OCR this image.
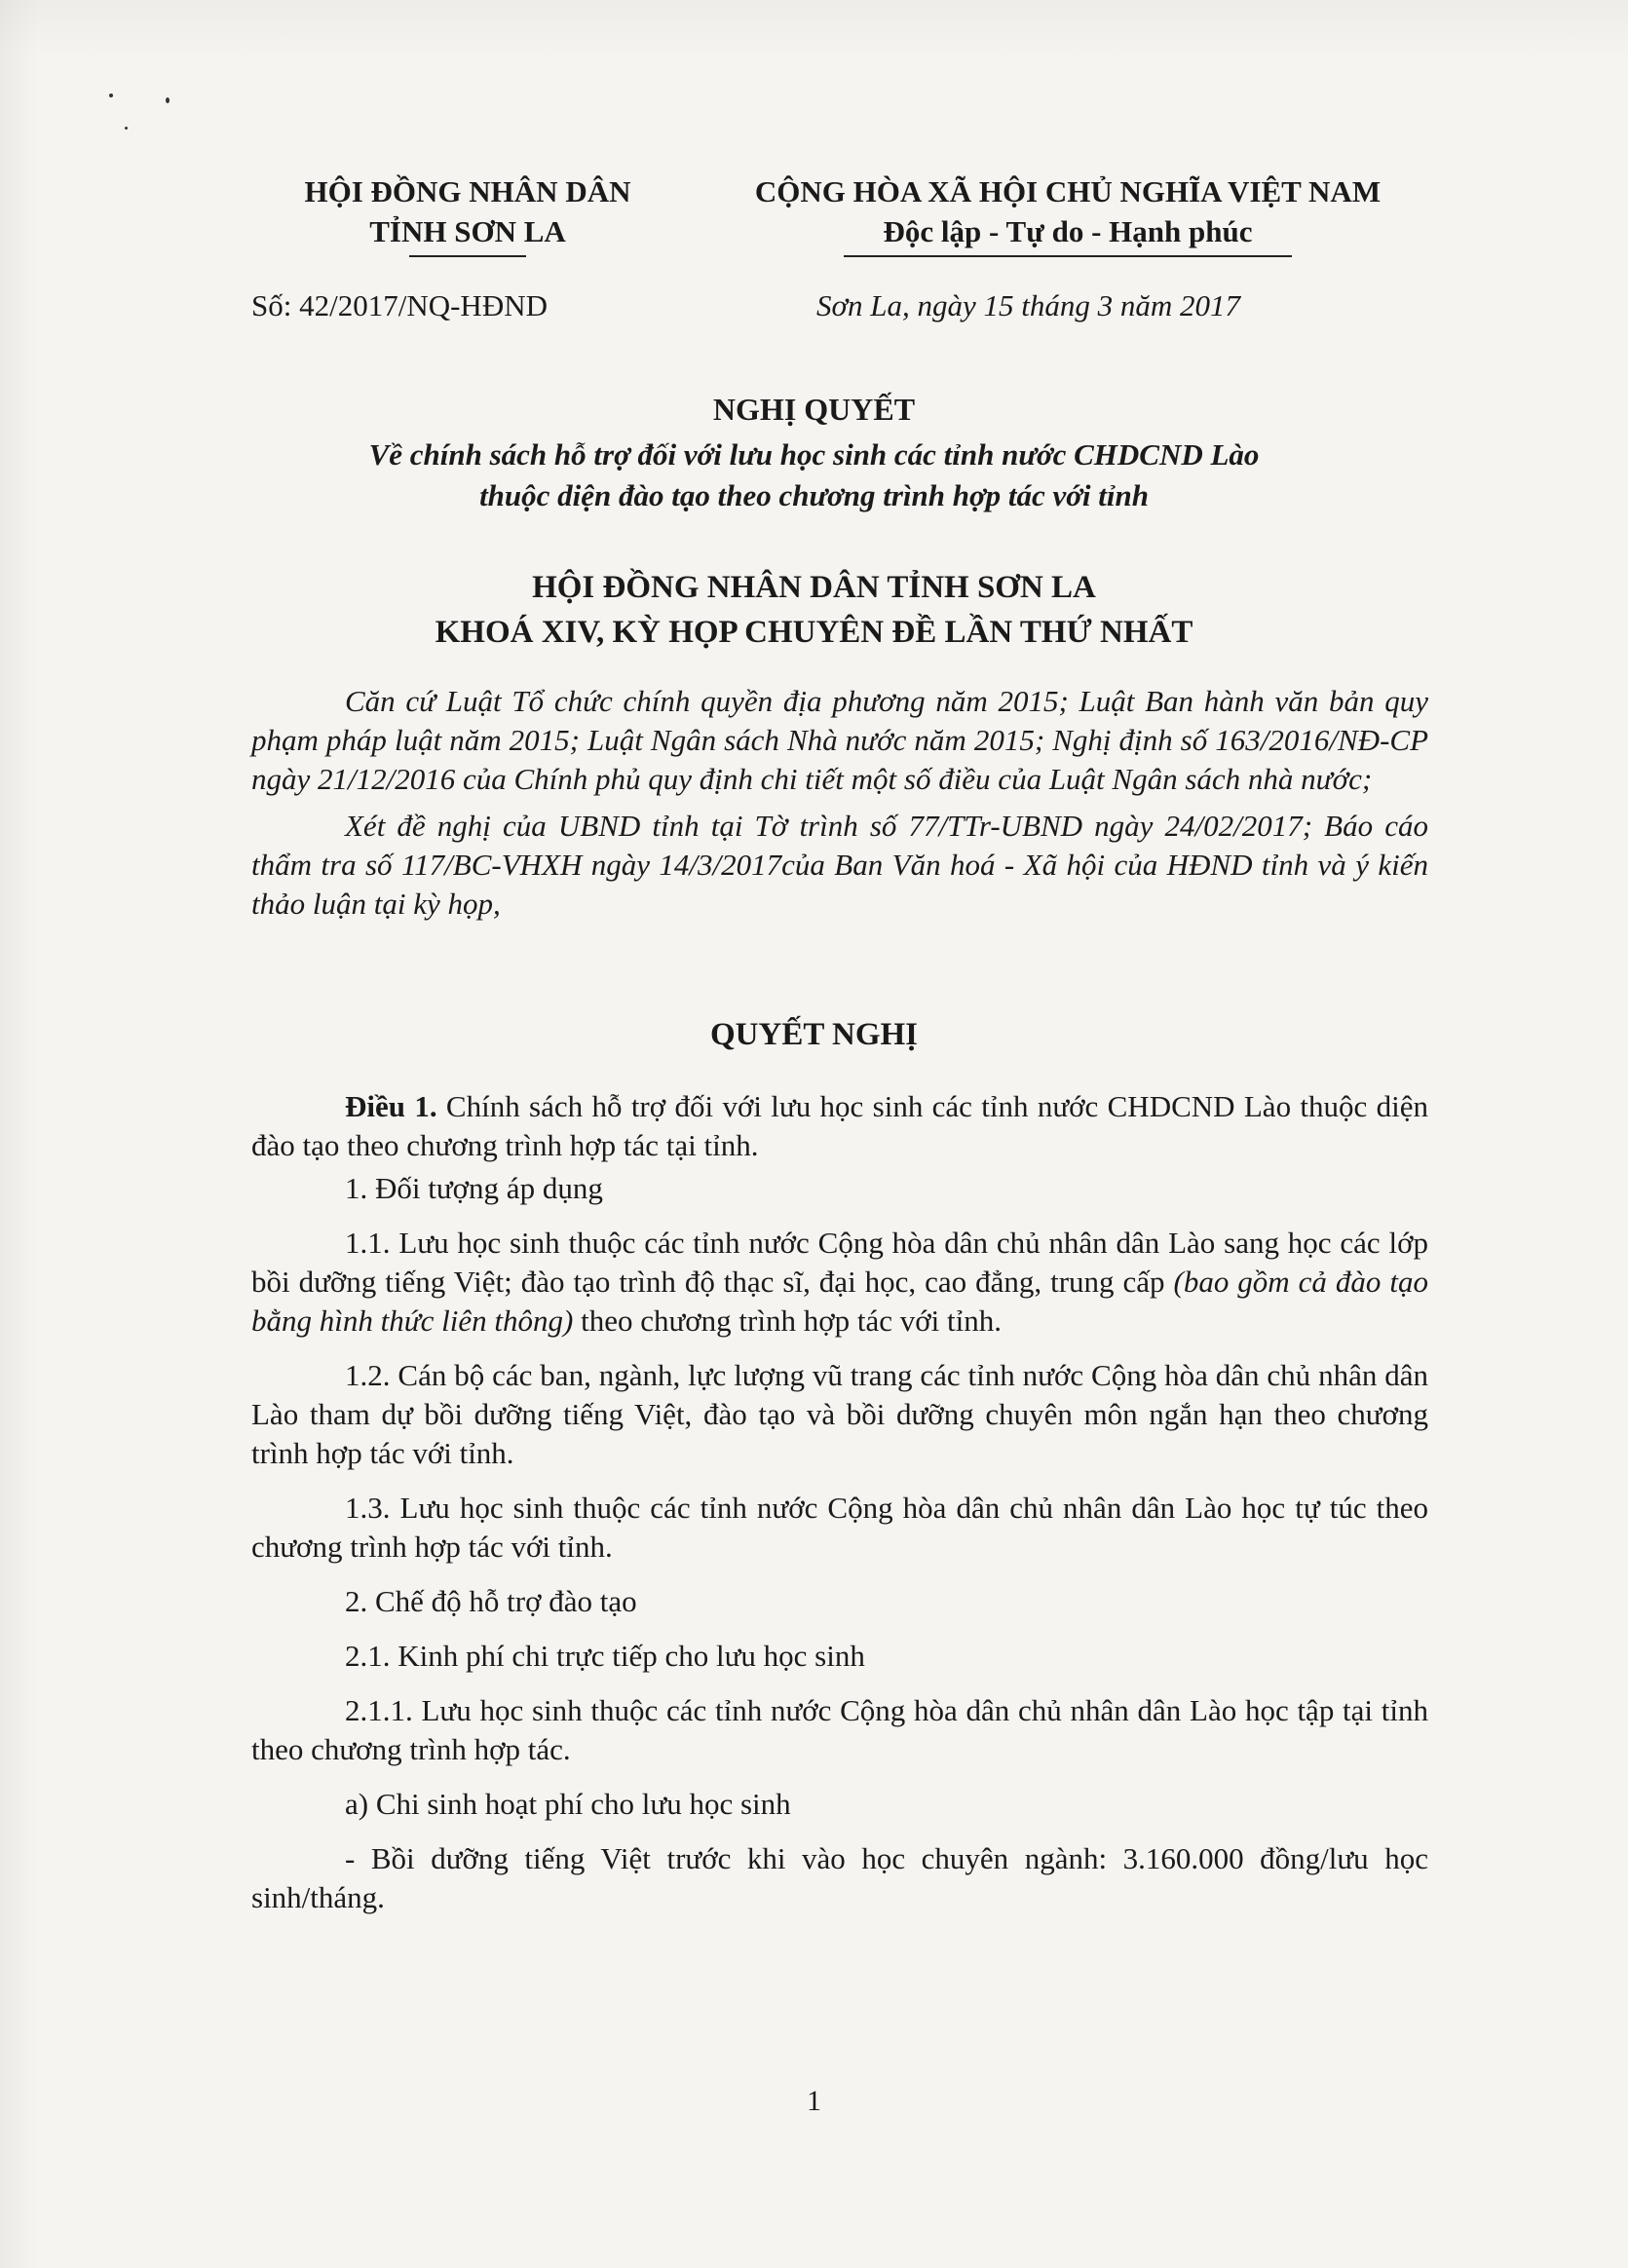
HỘI ĐỒNG NHÂN DÂN
TỈNH SƠN LA
CỘNG HÒA XÃ HỘI CHỦ NGHĨA VIỆT NAM
Độc lập - Tự do - Hạnh phúc
Số: 42/2017/NQ-HĐND	Sơn La, ngày 15 tháng 3 năm 2017
NGHỊ QUYẾT
Về chính sách hỗ trợ đối với lưu học sinh các tỉnh nước CHDCND Lào
thuộc diện đào tạo theo chương trình hợp tác với tỉnh
HỘI ĐỒNG NHÂN DÂN TỈNH SƠN LA
KHOÁ XIV, KỲ HỌP CHUYÊN ĐỀ LẦN THỨ NHẤT

Căn cứ Luật Tổ chức chính quyền địa phương năm 2015; Luật Ban hành văn bản quy phạm pháp luật năm 2015; Luật Ngân sách Nhà nước năm 2015; Nghị định số 163/2016/NĐ-CP ngày 21/12/2016 của Chính phủ quy định chi tiết một số điều của Luật Ngân sách nhà nước;

Xét đề nghị của UBND tỉnh tại Tờ trình số 77/TTr-UBND ngày 24/02/2017; Báo cáo thẩm tra số 117/BC-VHXH ngày 14/3/2017của Ban Văn hoá - Xã hội của HĐND tỉnh và ý kiến thảo luận tại kỳ họp,

QUYẾT NGHỊ

Điều 1. Chính sách hỗ trợ đối với lưu học sinh các tỉnh nước CHDCND Lào thuộc diện đào tạo theo chương trình hợp tác tại tỉnh.

1. Đối tượng áp dụng

1.1. Lưu học sinh thuộc các tỉnh nước Cộng hòa dân chủ nhân dân Lào sang học các lớp bồi dưỡng tiếng Việt; đào tạo trình độ thạc sĩ, đại học, cao đẳng, trung cấp (bao gồm cả đào tạo bằng hình thức liên thông) theo chương trình hợp tác với tỉnh.

1.2. Cán bộ các ban, ngành, lực lượng vũ trang các tỉnh nước Cộng hòa dân chủ nhân dân Lào tham dự bồi dưỡng tiếng Việt, đào tạo và bồi dưỡng chuyên môn ngắn hạn theo chương trình hợp tác với tỉnh.

1.3. Lưu học sinh thuộc các tỉnh nước Cộng hòa dân chủ nhân dân Lào học tự túc theo chương trình hợp tác với tỉnh.

2. Chế độ hỗ trợ đào tạo

2.1. Kinh phí chi trực tiếp cho lưu học sinh

2.1.1. Lưu học sinh thuộc các tỉnh nước Cộng hòa dân chủ nhân dân Lào học tập tại tỉnh theo chương trình hợp tác.

a) Chi sinh hoạt phí cho lưu học sinh

- Bồi dưỡng tiếng Việt trước khi vào học chuyên ngành: 3.160.000 đồng/lưu học sinh/tháng.

1
